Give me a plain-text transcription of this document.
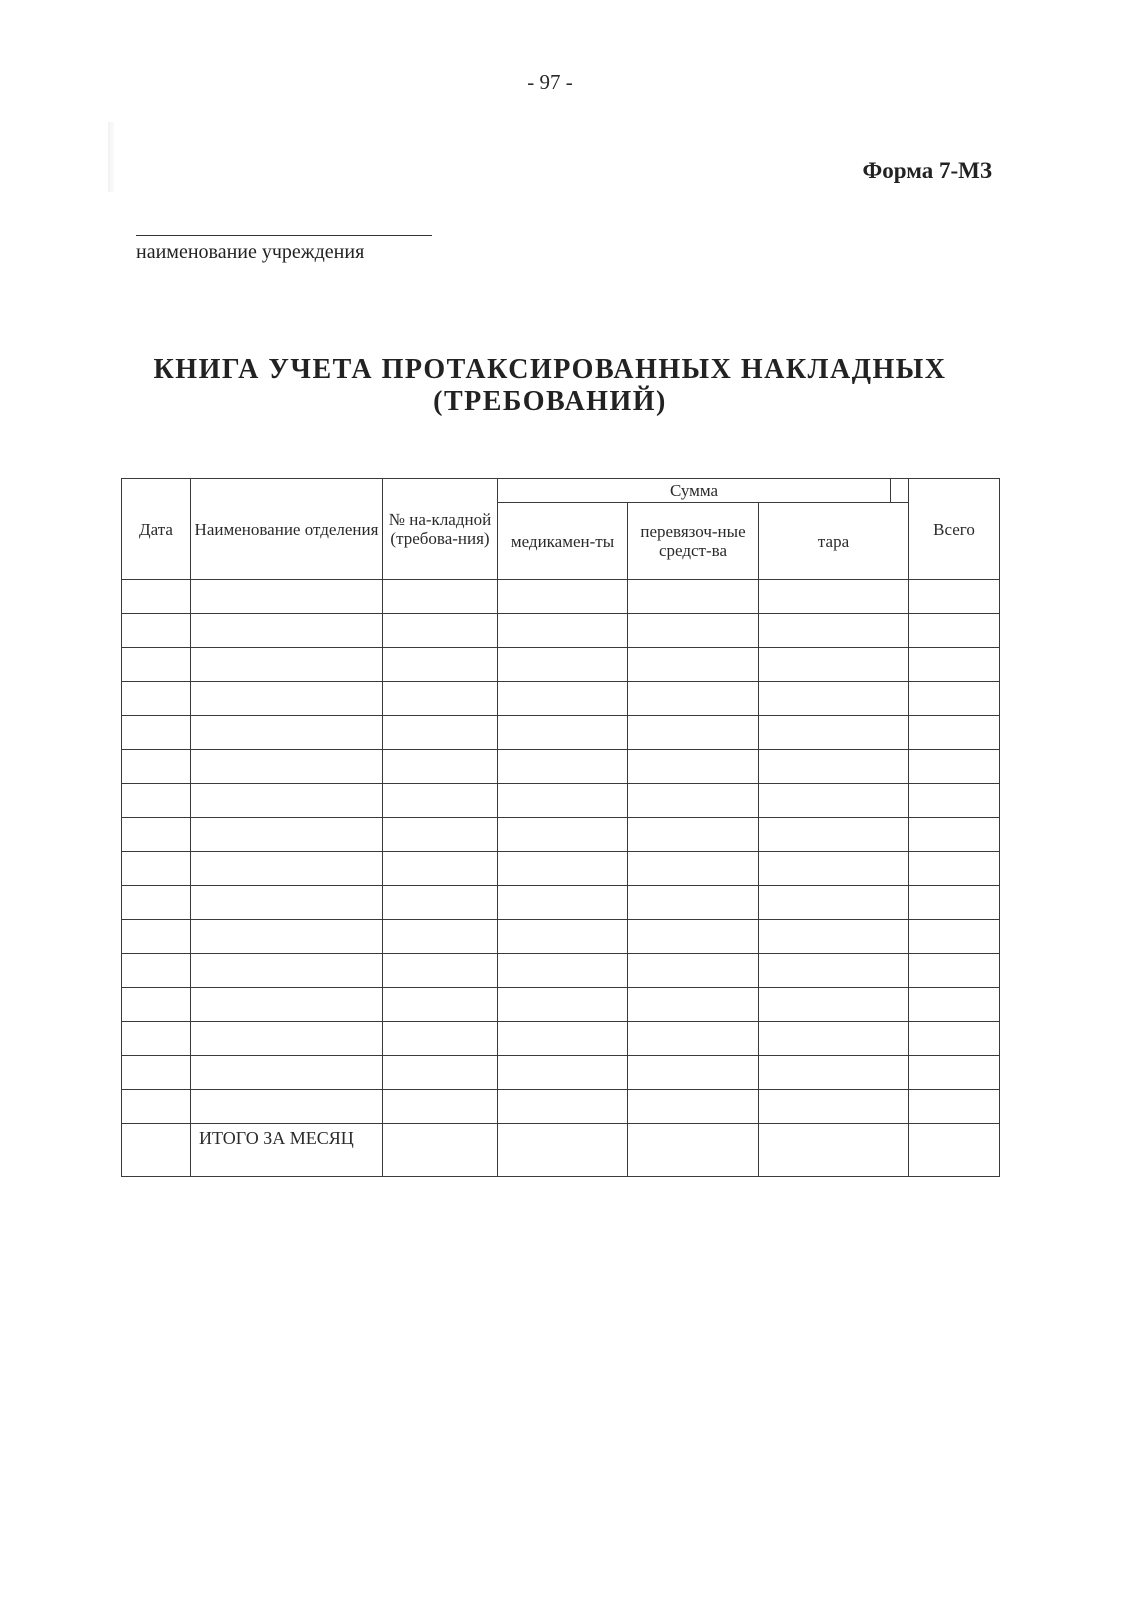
- 97 -
Форма 7-МЗ
наименование учреждения
КНИГА УЧЕТА ПРОТАКСИРОВАННЫХ НАКЛАДНЫХ
(ТРЕБОВАНИЙ)
Дата	Наименование отделения	№ на-кладной (требова-ния)	Сумма				Всего
			медикамен-ты	перевязоч-ные средст-ва	тара		

	ИТОГО ЗА МЕСЯЦ						
